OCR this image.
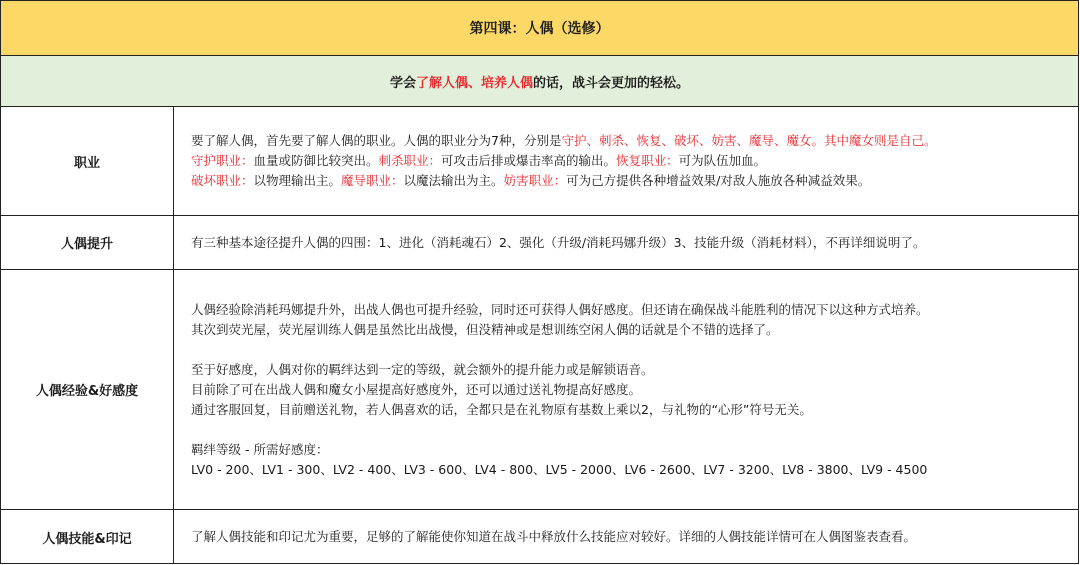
第四课：人偶（选修）
学会 了解人偶、培养人偶 的话，战斗会更加的轻松。
职业

要了解人偶，首先要了解人偶的职业。人偶的职业分为7种，分别是守护、刺杀、恢复、破坏、妨害、魔导、魔女。其中魔女则是自己。

守护职业：血量或防御比较突出。刺杀职业：可攻击后排或爆击率高的输出。恢复职业：可为队伍加血。

破坏职业：以物理输出主。魔导职业：以魔法输出为主。妨害职业：可为己方提供各种增益效果/对敌人施放各种减益效果。

人偶提升	有三种基本途径提升人偶的四围：1、进化（消耗魂石）2、强化（升级/消耗玛娜升级）3、技能升级（消耗材料），不再详细说明了。

人偶经验&好感度

人偶经验除消耗玛娜提升外，出战人偶也可提升经验，同时还可获得人偶好感度。但还请在确保战斗能胜利的情况下以这种方式培养。

其次到荧光屋，荧光屋训练人偶是虽然比出战慢，但没精神或是想训练空闲人偶的话就是个不错的选择了。

至于好感度，人偶对你的羁绊达到一定的等级，就会额外的提升能力或是解锁语音。

目前除了可在出战人偶和魔女小屋提高好感度外，还可以通过送礼物提高好感度。

通过客服回复，目前赠送礼物，若人偶喜欢的话，全都只是在礼物原有基数上乘以2，与礼物的“心形”符号无关。

羁绊等级 - 所需好感度：

LV0 - 200、LV1 - 300、LV2 - 400、LV3 - 600、LV4 - 800、LV5 - 2000、LV6 - 2600、LV7 - 3200、LV8 - 3800、LV9 - 4500

人偶技能&印记	了解人偶技能和印记尤为重要，足够的了解能使你知道在战斗中释放什么技能应对较好。详细的人偶技能详情可在人偶图鉴表查看。
